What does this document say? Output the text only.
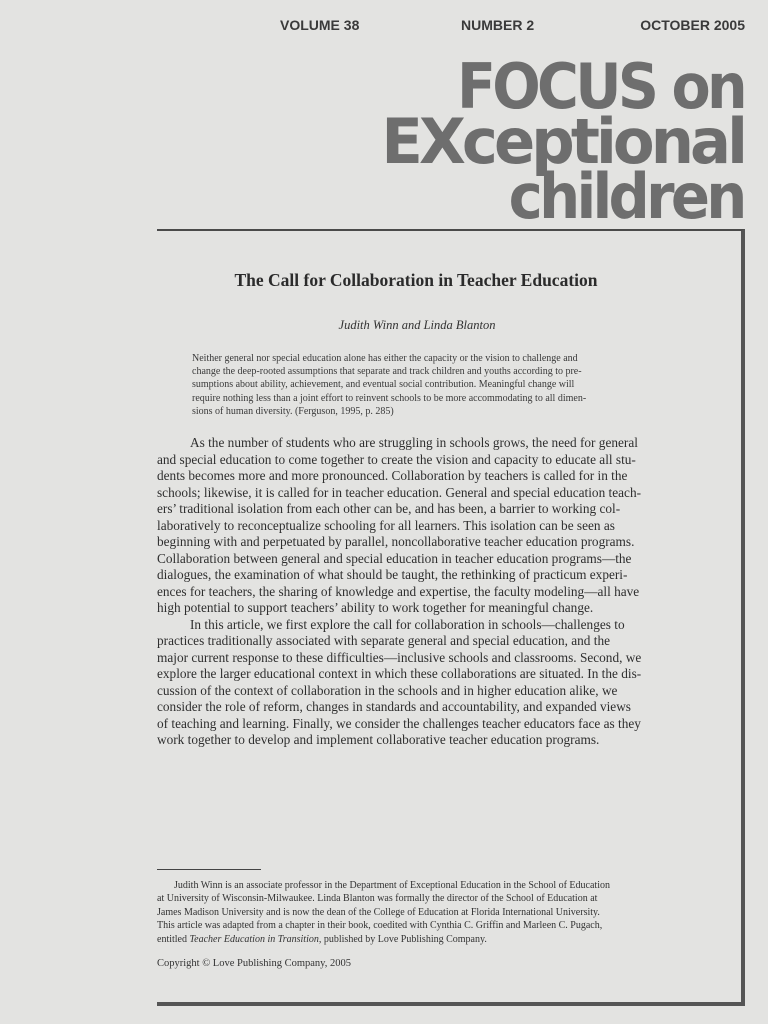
VOLUME 38	NUMBER 2	OCTOBER 2005
FOCUS on
EXceptional
children
The Call for Collaboration in Teacher Education
Judith Winn and Linda Blanton
Neither general nor special education alone has either the capacity or the vision to challenge and
change the deep-rooted assumptions that separate and track children and youths according to pre-
sumptions about ability, achievement, and eventual social contribution. Meaningful change will
require nothing less than a joint effort to reinvent schools to be more accommodating to all dimen-
sions of human diversity. (Ferguson, 1995, p. 285)
As the number of students who are struggling in schools grows, the need for general
and special education to come together to create the vision and capacity to educate all stu-
dents becomes more and more pronounced. Collaboration by teachers is called for in the
schools; likewise, it is called for in teacher education. General and special education teach-
ers’ traditional isolation from each other can be, and has been, a barrier to working col-
laboratively to reconceptualize schooling for all learners. This isolation can be seen as
beginning with and perpetuated by parallel, noncollaborative teacher education programs.
Collaboration between general and special education in teacher education programs—the
dialogues, the examination of what should be taught, the rethinking of practicum experi-
ences for teachers, the sharing of knowledge and expertise, the faculty modeling—all have
high potential to support teachers’ ability to work together for meaningful change.
In this article, we first explore the call for collaboration in schools—challenges to
practices traditionally associated with separate general and special education, and the
major current response to these difficulties—inclusive schools and classrooms. Second, we
explore the larger educational context in which these collaborations are situated. In the dis-
cussion of the context of collaboration in the schools and in higher education alike, we
consider the role of reform, changes in standards and accountability, and expanded views
of teaching and learning. Finally, we consider the challenges teacher educators face as they
work together to develop and implement collaborative teacher education programs.
Judith Winn is an associate professor in the Department of Exceptional Education in the School of Education
at University of Wisconsin-Milwaukee. Linda Blanton was formally the director of the School of Education at
James Madison University and is now the dean of the College of Education at Florida International University.
This article was adapted from a chapter in their book, coedited with Cynthia C. Griffin and Marleen C. Pugach,
entitled Teacher Education in Transition, published by Love Publishing Company.
Copyright © Love Publishing Company, 2005
